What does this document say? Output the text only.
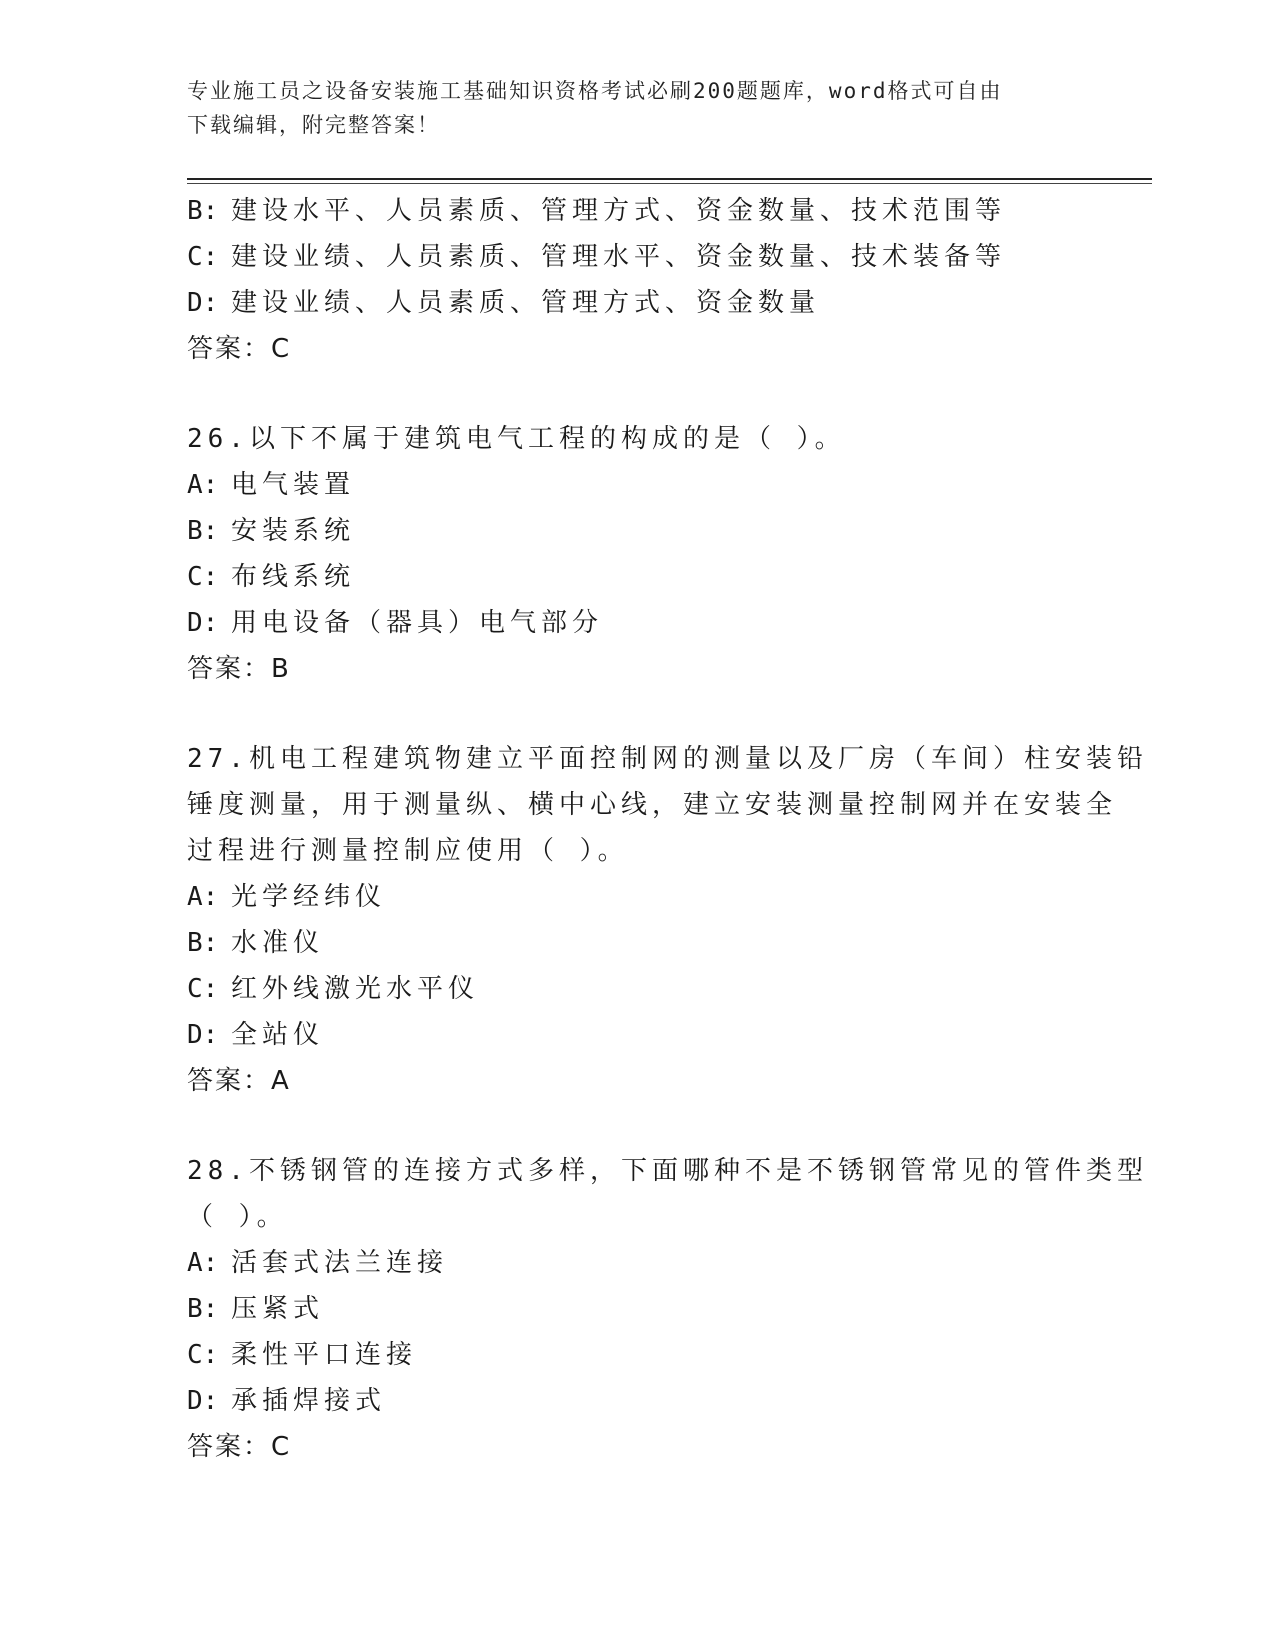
专业施工员之设备安装施工基础知识资格考试必刷200题题库，word格式可自由
下载编辑，附完整答案！
B: 建设水平、人员素质、管理方式、资金数量、技术范围等
C: 建设业绩、人员素质、管理水平、资金数量、技术装备等
D: 建设业绩、人员素质、管理方式、资金数量
答案：C
26.以下不属于建筑电气工程的构成的是（ ）。
A: 电气装置
B: 安装系统
C: 布线系统
D: 用电设备（器具）电气部分
答案：B
27.机电工程建筑物建立平面控制网的测量以及厂房（车间）柱安装铅
锤度测量，用于测量纵、横中心线，建立安装测量控制网并在安装全
过程进行测量控制应使用（ ）。
A: 光学经纬仪
B: 水准仪
C: 红外线激光水平仪
D: 全站仪
答案：A
28.不锈钢管的连接方式多样，下面哪种不是不锈钢管常见的管件类型
（ ）。
A: 活套式法兰连接
B: 压紧式
C: 柔性平口连接
D: 承插焊接式
答案：C
